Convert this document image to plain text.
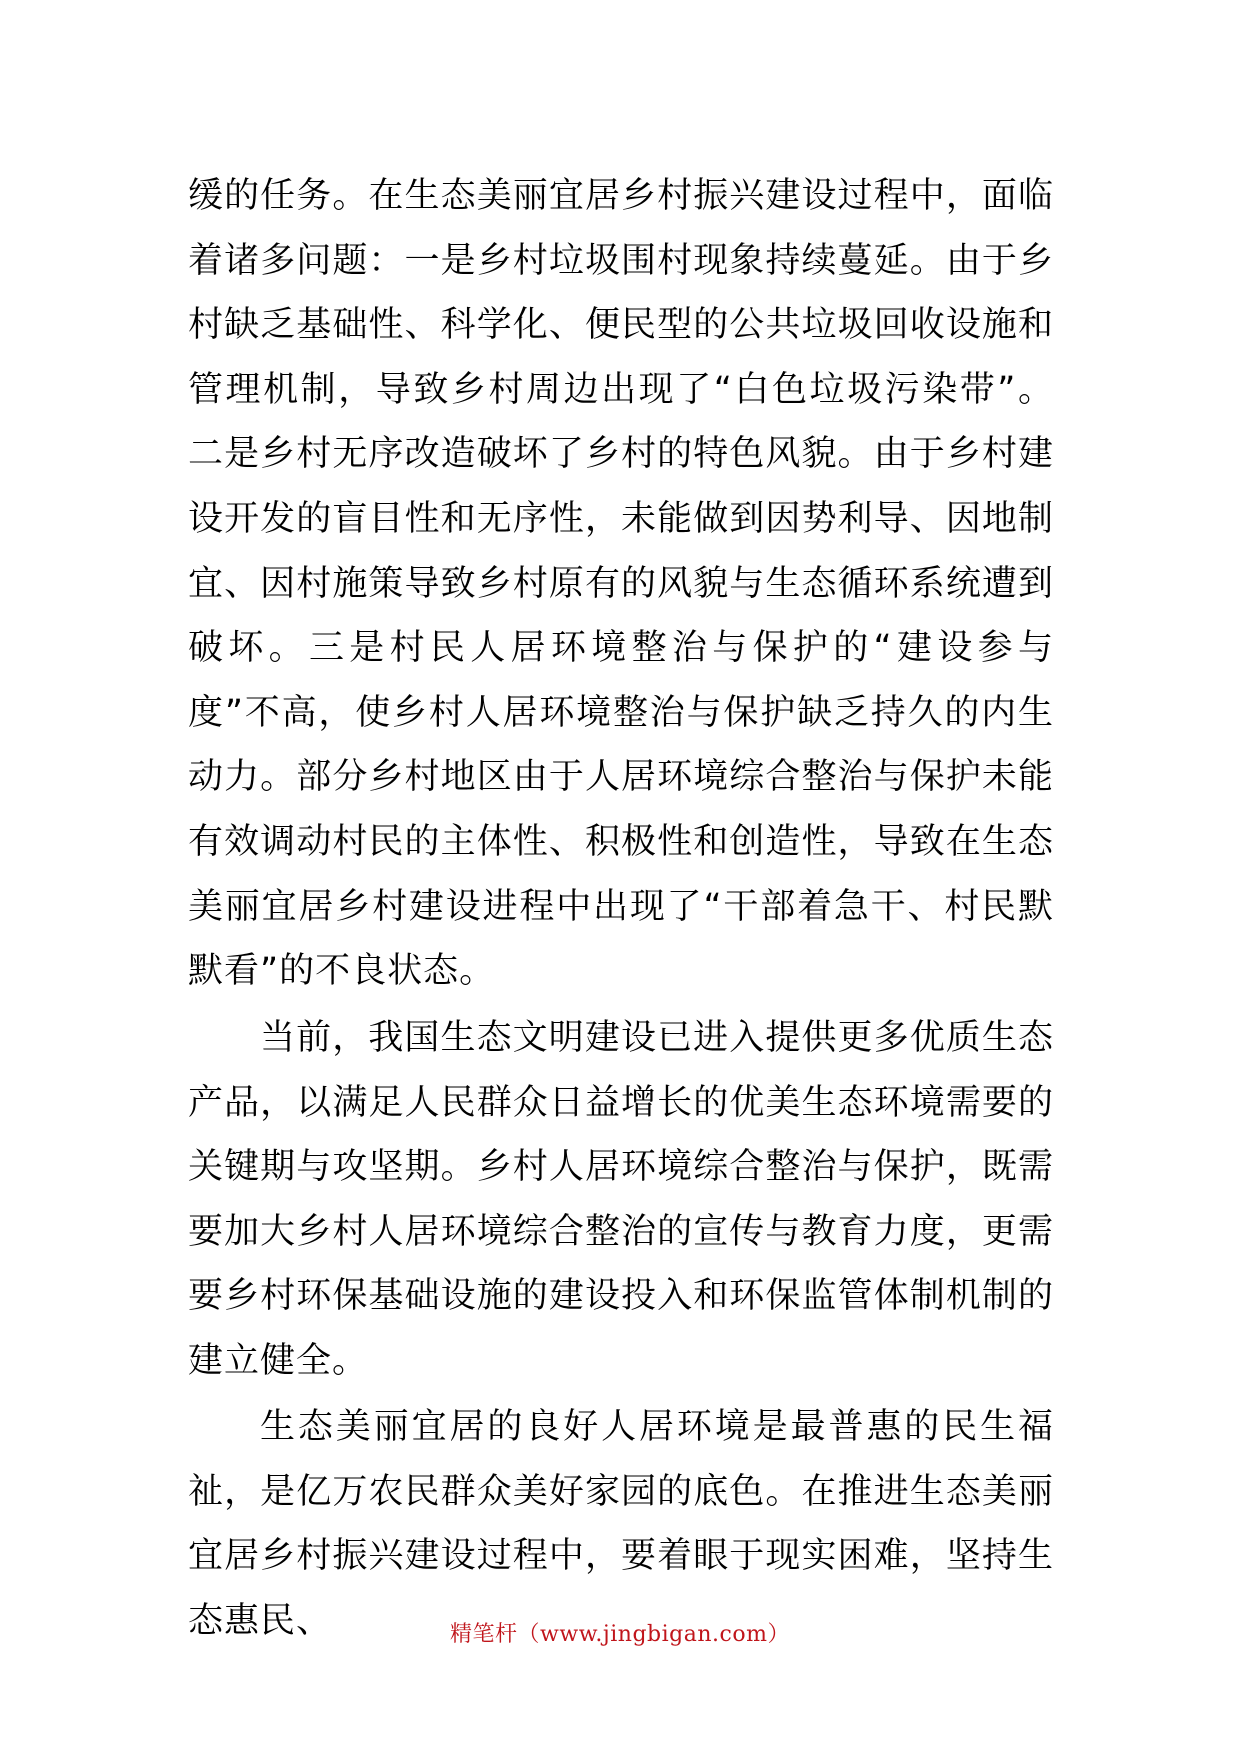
缓的任务。在生态美丽宜居乡村振兴建设过程中，面临着诸多问题：一是乡村垃圾围村现象持续蔓延。由于乡村缺乏基础性、科学化、便民型的公共垃圾回收设施和管理机制，导致乡村周边出现了“白色垃圾污染带”。二是乡村无序改造破坏了乡村的特色风貌。由于乡村建设开发的盲目性和无序性，未能做到因势利导、因地制宜、因村施策导致乡村原有的风貌与生态循环系统遭到破坏。三是村民人居环境整治与保护的“建设参与度”不高，使乡村人居环境整治与保护缺乏持久的内生动力。部分乡村地区由于人居环境综合整治与保护未能有效调动村民的主体性、积极性和创造性，导致在生态美丽宜居乡村建设进程中出现了“干部着急干、村民默默看”的不良状态。

当前，我国生态文明建设已进入提供更多优质生态产品，以满足人民群众日益增长的优美生态环境需要的关键期与攻坚期。乡村人居环境综合整治与保护，既需要加大乡村人居环境综合整治的宣传与教育力度，更需要乡村环保基础设施的建设投入和环保监管体制机制的建立健全。

生态美丽宜居的良好人居环境是最普惠的民生福祉，是亿万农民群众美好家园的底色。在推进生态美丽宜居乡村振兴建设过程中，要着眼于现实困难，坚持生态惠民、	精笔杆（www.jingbigan.com）
